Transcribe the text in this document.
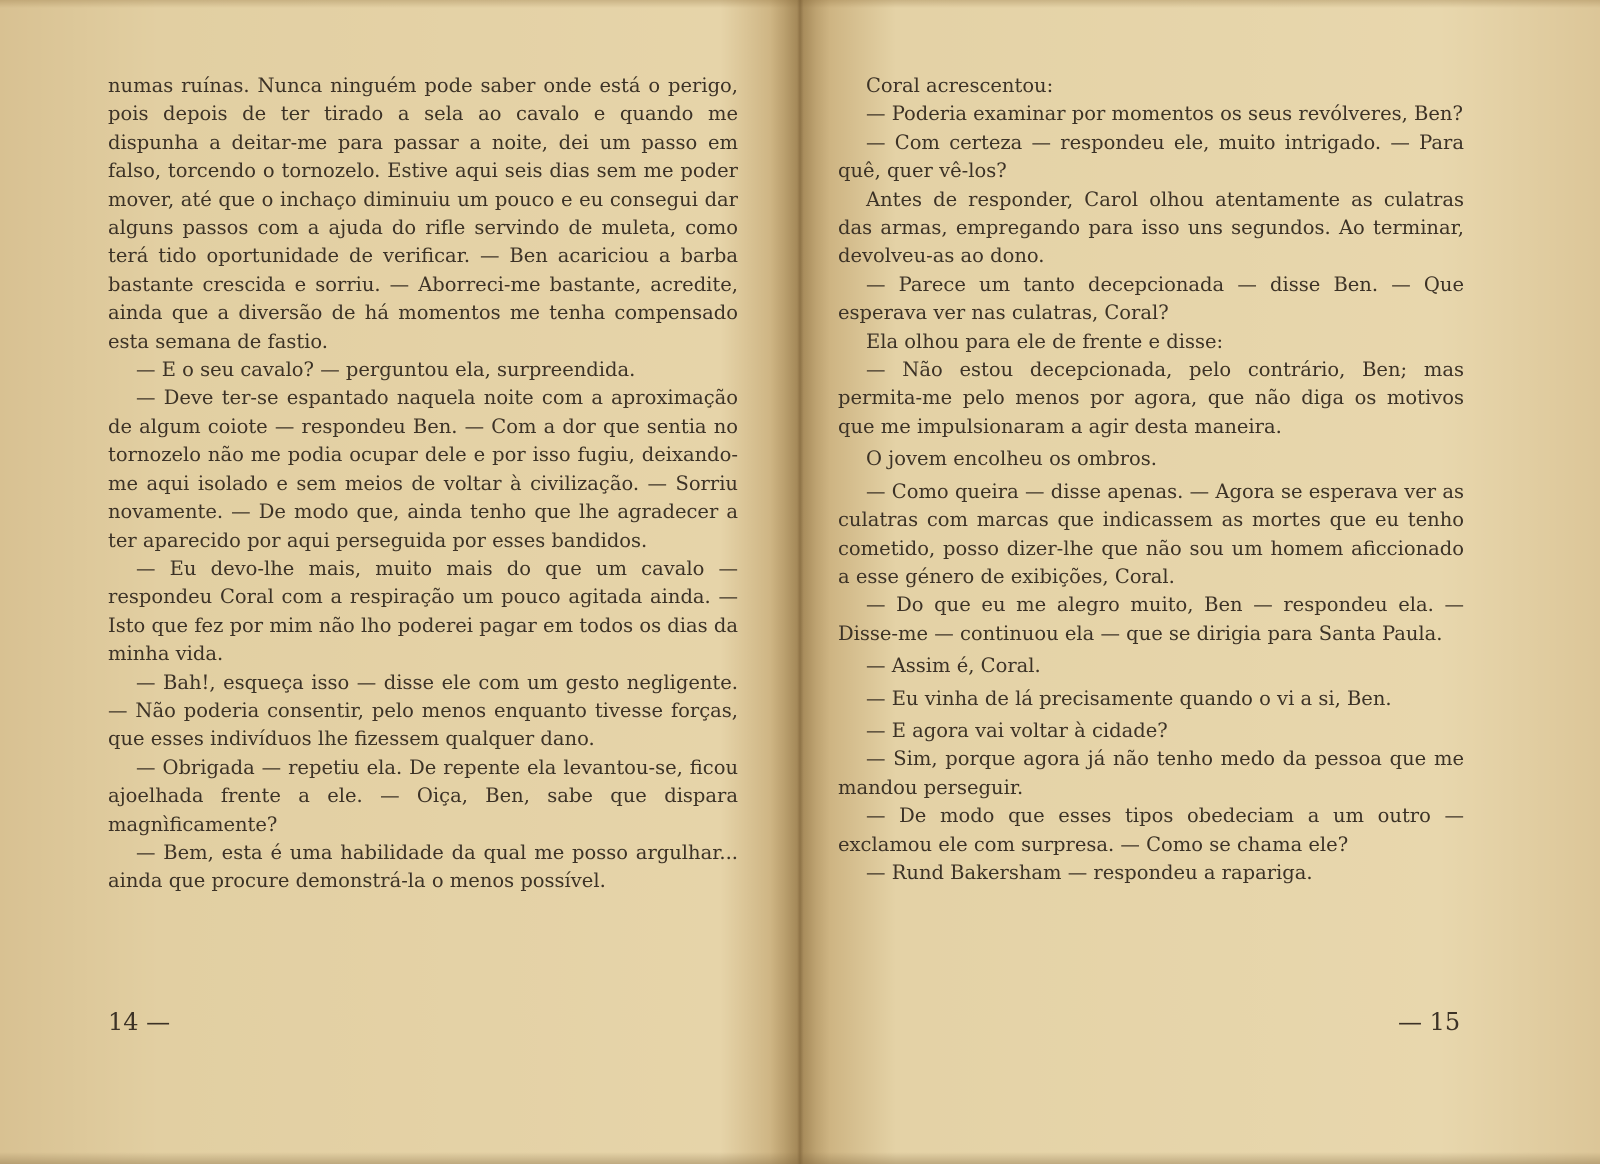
numas ruínas. Nunca ninguém pode saber onde está o perigo, pois depois de ter tirado a sela ao cavalo e quando me dispunha a deitar-me para passar a noite, dei um passo em falso, torcendo o tornozelo. Estive aqui seis dias sem me poder mover, até que o inchaço diminuiu um pouco e eu consegui dar alguns passos com a ajuda do rifle servindo de muleta, como terá tido oportunidade de verificar. — Ben acariciou a barba bastante crescida e sorriu. — Aborreci-me bastante, acredite, ainda que a diversão de há momentos me tenha compensado esta semana de fastio.

— E o seu cavalo? — perguntou ela, surpreendida.

— Deve ter-se espantado naquela noite com a aproximação de algum coiote — respondeu Ben. — Com a dor que sentia no tornozelo não me podia ocupar dele e por isso fugiu, deixando-me aqui isolado e sem meios de voltar à civilização. — Sorriu novamente. — De modo que, ainda tenho que lhe agradecer a ter aparecido por aqui perseguida por esses bandidos.

— Eu devo-lhe mais, muito mais do que um cavalo — respondeu Coral com a respiração um pouco agitada ainda. — Isto que fez por mim não lho poderei pagar em todos os dias da minha vida.

— Bah!, esqueça isso — disse ele com um gesto negligente. — Não poderia consentir, pelo menos enquanto tivesse forças, que esses indivíduos lhe fizessem qualquer dano.

— Obrigada — repetiu ela. De repente ela levantou-se, ficou ajoelhada frente a ele. — Oiça, Ben, sabe que dispara magnìficamente?

— Bem, esta é uma habilidade da qual me posso argulhar... ainda que procure demonstrá-la o menos possível.

14 —

Coral acrescentou:

— Poderia examinar por momentos os seus revólveres, Ben?

— Com certeza — respondeu ele, muito intrigado. — Para quê, quer vê-los?

Antes de responder, Carol olhou atentamente as culatras das armas, empregando para isso uns segundos. Ao terminar, devolveu-as ao dono.

— Parece um tanto decepcionada — disse Ben. — Que esperava ver nas culatras, Coral?

Ela olhou para ele de frente e disse:

— Não estou decepcionada, pelo contrário, Ben; mas permita-me pelo menos por agora, que não diga os motivos que me impulsionaram a agir desta maneira.

O jovem encolheu os ombros.

— Como queira — disse apenas. — Agora se esperava ver as culatras com marcas que indicassem as mortes que eu tenho cometido, posso dizer-lhe que não sou um homem aficcionado a esse género de exibições, Coral.

— Do que eu me alegro muito, Ben — respondeu ela. — Disse-me — continuou ela — que se dirigia para Santa Paula.

— Assim é, Coral.

— Eu vinha de lá precisamente quando o vi a si, Ben.

— E agora vai voltar à cidade?

— Sim, porque agora já não tenho medo da pessoa que me mandou perseguir.

— De modo que esses tipos obedeciam a um outro — exclamou ele com surpresa. — Como se chama ele?

— Rund Bakersham — respondeu a rapariga.

— 15
